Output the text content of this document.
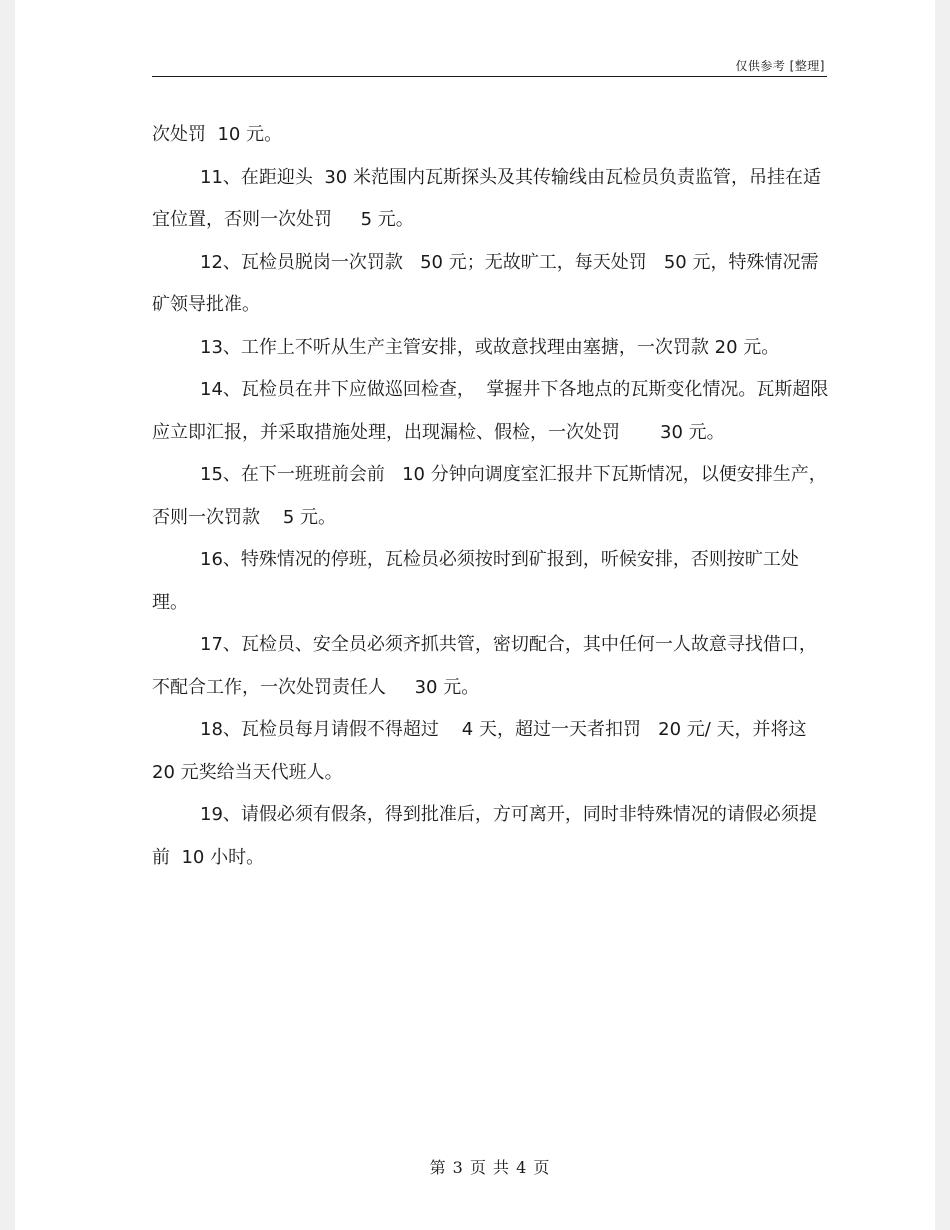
仅供参考 [整理]

次处罚  10 元。

11、在距迎头  30 米范围内瓦斯探头及其传输线由瓦检员负责监管，吊挂在适宜位置，否则一次处罚     5 元。

12、瓦检员脱岗一次罚款   50 元；无故旷工，每天处罚   50 元，特殊情况需矿领导批准。

13、工作上不听从生产主管安排，或故意找理由塞搪，一次罚款 20 元。

14、瓦检员在井下应做巡回检查，  掌握井下各地点的瓦斯变化情况。瓦斯超限应立即汇报，并采取措施处理，出现漏检、假检，一次处罚       30 元。

15、在下一班班前会前   10 分钟向调度室汇报井下瓦斯情况，以便安排生产，否则一次罚款    5 元。

16、特殊情况的停班，瓦检员必须按时到矿报到，听候安排，否则按旷工处理。

17、瓦检员、安全员必须齐抓共管，密切配合，其中任何一人故意寻找借口，不配合工作，一次处罚责任人     30 元。

18、瓦检员每月请假不得超过    4 天，超过一天者扣罚   20 元/ 天，并将这  20 元奖给当天代班人。

19、请假必须有假条，得到批准后，方可离开，同时非特殊情况的请假必须提前  10 小时。

第 3 页 共 4 页
